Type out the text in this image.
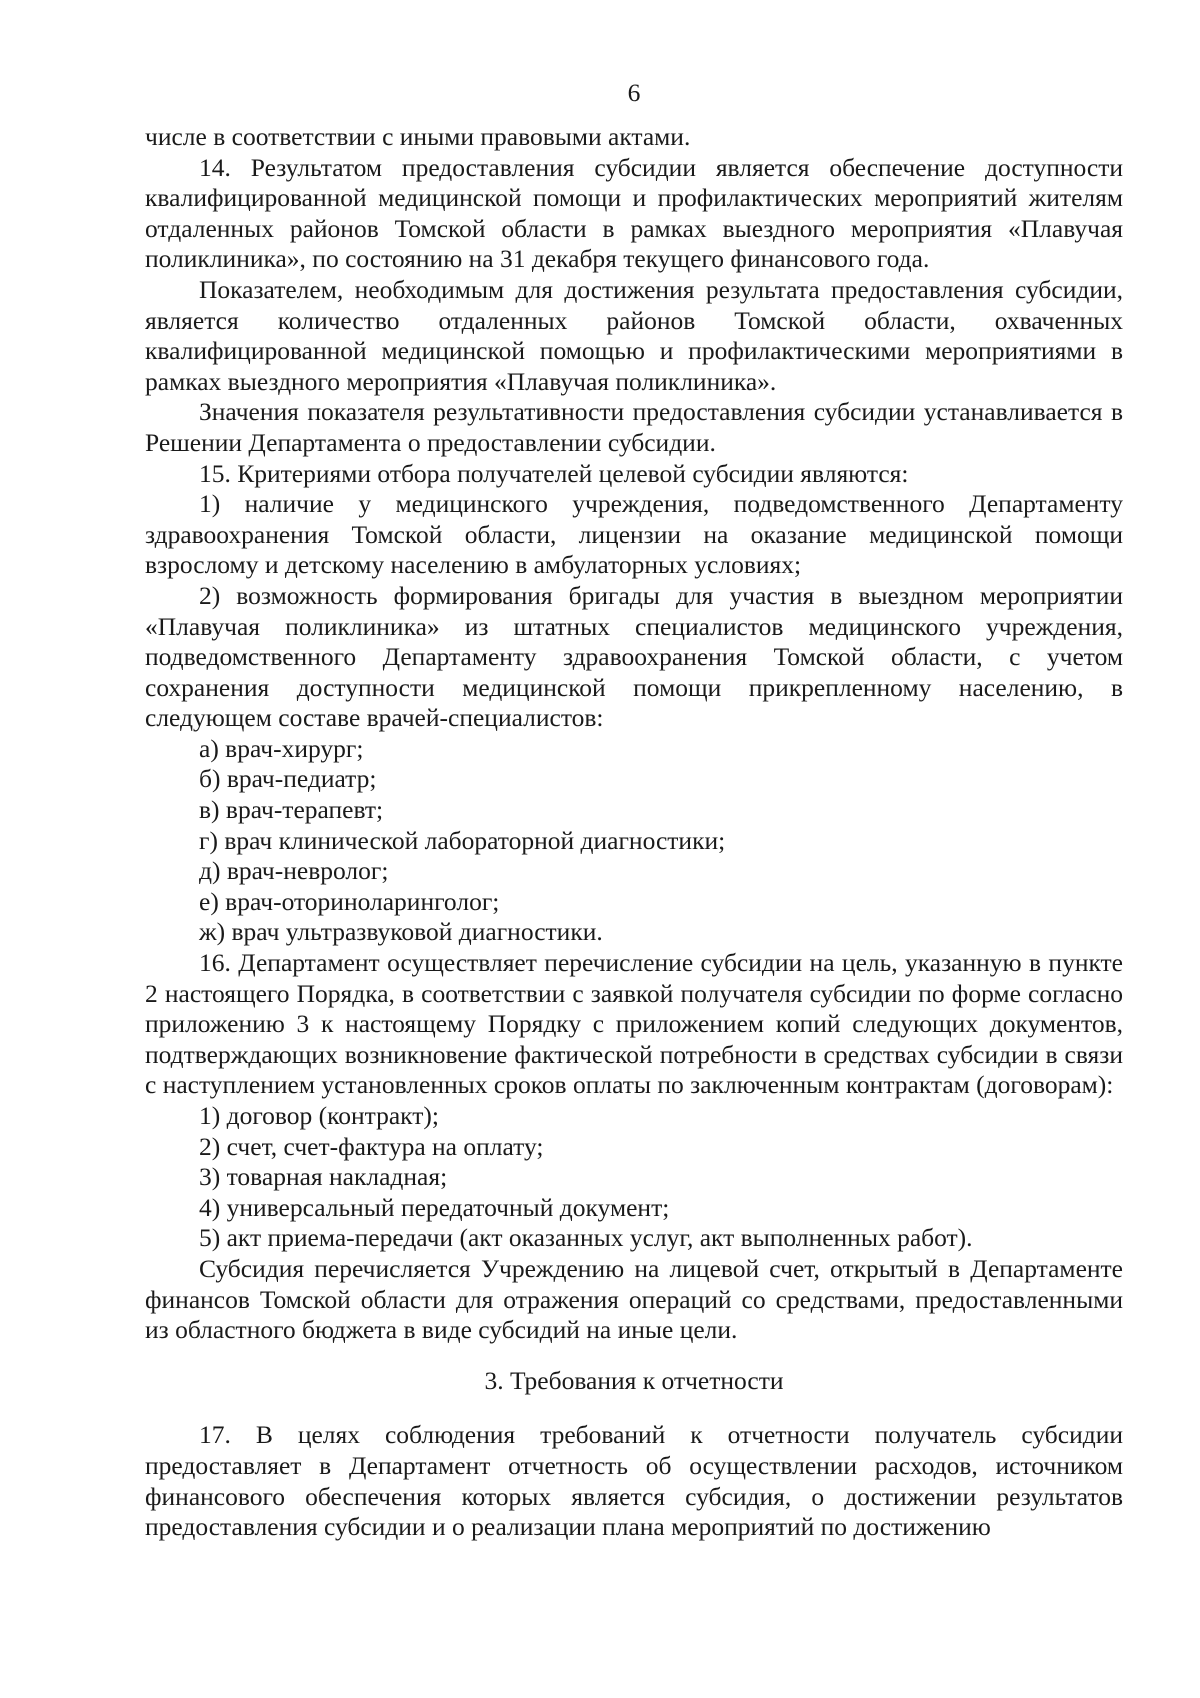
6

числе в соответствии с иными правовыми актами.

14. Результатом предоставления субсидии является обеспечение доступности квалифицированной медицинской помощи и профилактических мероприятий жителям отдаленных районов Томской области в рамках выездного мероприятия «Плавучая поликлиника», по состоянию на 31 декабря текущего финансового года.

Показателем, необходимым для достижения результата предоставления субсидии, является количество отдаленных районов Томской области, охваченных квалифицированной медицинской помощью и профилактическими мероприятиями в рамках выездного мероприятия «Плавучая поликлиника».

Значения показателя результативности предоставления субсидии устанавливается в Решении Департамента о предоставлении субсидии.

15. Критериями отбора получателей целевой субсидии являются:

1) наличие у медицинского учреждения, подведомственного Департаменту здравоохранения Томской области, лицензии на оказание медицинской помощи взрослому и детскому населению в амбулаторных условиях;

2) возможность формирования бригады для участия в выездном мероприятии «Плавучая поликлиника» из штатных специалистов медицинского учреждения, подведомственного Департаменту здравоохранения Томской области, с учетом сохранения доступности медицинской помощи прикрепленному населению, в следующем составе врачей-специалистов:

а) врач-хирург;

б) врач-педиатр;

в) врач-терапевт;

г) врач клинической лабораторной диагностики;

д) врач-невролог;

е) врач-оториноларинголог;

ж) врач ультразвуковой диагностики.

16. Департамент осуществляет перечисление субсидии на цель, указанную в пункте 2 настоящего Порядка, в соответствии с заявкой получателя субсидии по форме согласно приложению 3 к настоящему Порядку с приложением копий следующих документов, подтверждающих возникновение фактической потребности в средствах субсидии в связи с наступлением установленных сроков оплаты по заключенным контрактам (договорам):

1) договор (контракт);

2) счет, счет-фактура на оплату;

3) товарная накладная;

4) универсальный передаточный документ;

5) акт приема-передачи (акт оказанных услуг, акт выполненных работ).

Субсидия перечисляется Учреждению на лицевой счет, открытый в Департаменте финансов Томской области для отражения операций со средствами, предоставленными из областного бюджета в виде субсидий на иные цели.

3. Требования к отчетности

17. В целях соблюдения требований к отчетности получатель субсидии предоставляет в Департамент отчетность об осуществлении расходов, источником финансового обеспечения которых является субсидия, о достижении результатов предоставления субсидии и о реализации плана мероприятий по достижению
